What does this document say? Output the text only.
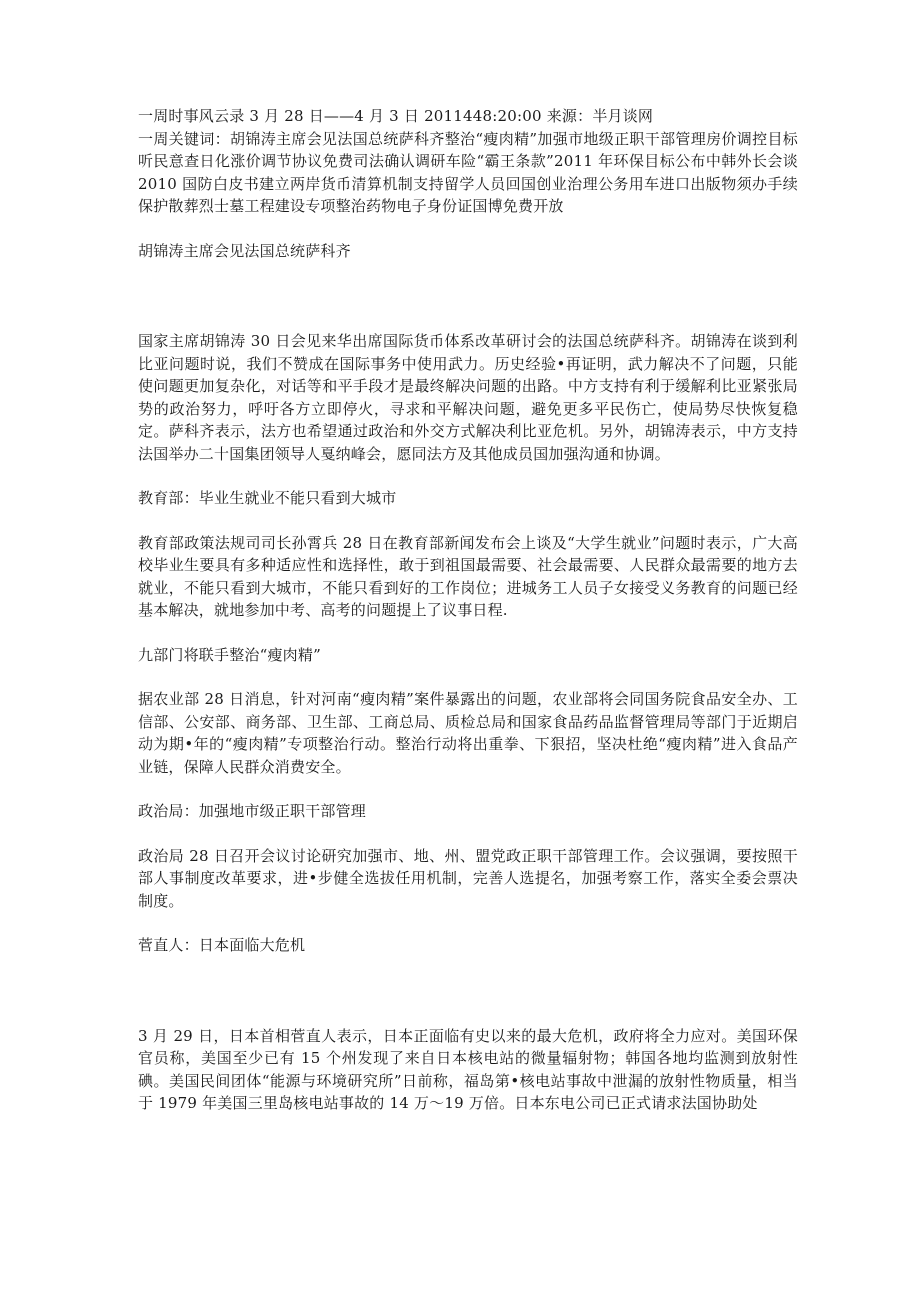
一周时事风云录 3 月 28 日——4 月 3 日 2011448:20:00 来源：半月谈网

一周关键词：胡锦涛主席会见法国总统萨科齐整治“瘦肉精”加强市地级正职干部管理房价调控目标听民意查日化涨价调节协议免费司法确认调研车险“霸王条款”2011 年环保目标公布中韩外长会谈 2010 国防白皮书建立两岸货币清算机制支持留学人员回国创业治理公务用车进口出版物须办手续保护散葬烈士墓工程建设专项整治药物电子身份证国博免费开放

胡锦涛主席会见法国总统萨科齐

国家主席胡锦涛 30 日会见来华出席国际货币体系改革研讨会的法国总统萨科齐。胡锦涛在谈到利比亚问题时说，我们不赞成在国际事务中使用武力。历史经验•再证明，武力解决不了问题，只能使问题更加复杂化，对话等和平手段才是最终解决问题的出路。中方支持有利于缓解利比亚紧张局势的政治努力，呼吁各方立即停火，寻求和平解决问题，避免更多平民伤亡，使局势尽快恢复稳定。萨科齐表示，法方也希望通过政治和外交方式解决利比亚危机。另外，胡锦涛表示，中方支持法国举办二十国集团领导人戛纳峰会，愿同法方及其他成员国加强沟通和协调。

教育部：毕业生就业不能只看到大城市

教育部政策法规司司长孙霄兵 28 日在教育部新闻发布会上谈及“大学生就业”问题时表示，广大高校毕业生要具有多种适应性和选择性，敢于到祖国最需要、社会最需要、人民群众最需要的地方去就业，不能只看到大城市，不能只看到好的工作岗位；进城务工人员子女接受义务教育的问题已经基本解决，就地参加中考、高考的问题提上了议事日程.

九部门将联手整治“瘦肉精”

据农业部 28 日消息，针对河南“瘦肉精”案件暴露出的问题，农业部将会同国务院食品安全办、工信部、公安部、商务部、卫生部、工商总局、质检总局和国家食品药品监督管理局等部门于近期启动为期•年的“瘦肉精”专项整治行动。整治行动将出重拳、下狠招，坚决杜绝“瘦肉精”进入食品产业链，保障人民群众消费安全。

政治局：加强地市级正职干部管理

政治局 28 日召开会议讨论研究加强市、地、州、盟党政正职干部管理工作。会议强调，要按照干部人事制度改革要求，进•步健全选拔任用机制，完善人选提名，加强考察工作，落实全委会票决制度。

菅直人：日本面临大危机

3 月 29 日，日本首相菅直人表示，日本正面临有史以来的最大危机，政府将全力应对。美国环保官员称，美国至少已有 15 个州发现了来自日本核电站的微量辐射物；韩国各地均监测到放射性碘。美国民间团体“能源与环境研究所”日前称，福岛第•核电站事故中泄漏的放射性物质量，相当于 1979 年美国三里岛核电站事故的 14 万～19 万倍。日本东电公司已正式请求法国协助处
